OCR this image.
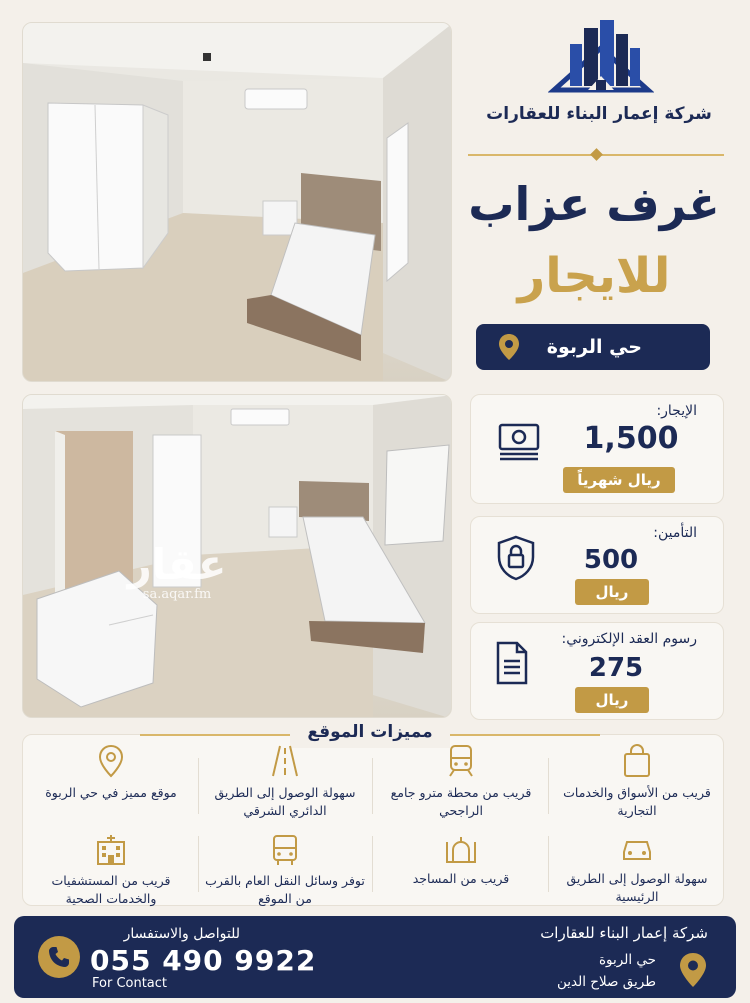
عقار
sa.aqar.fm
شركة إعمار البناء للعقارات
غرف عزاب
للايجار
حي الربوة
الإيجار:
1,500
ريال شهرياً
التأمين:
500
ريال
رسوم العقد الإلكتروني:
275
ريال
مميزات الموقع
قريب من الأسواق والخدمات التجارية
قريب من محطة مترو جامع الراجحي
سهولة الوصول إلى الطريق الدائري الشرقي
موقع مميز في حي الربوة
سهولة الوصول إلى الطريق الرئيسية
قريب من المساجد
توفر وسائل النقل العام بالقرب من الموقع
قريب من المستشفيات والخدمات الصحية
شركة إعمار البناء للعقارات
حي الربوة
طريق صلاح الدين
للتواصل والاستفسار
055 490 9922
For Contact
